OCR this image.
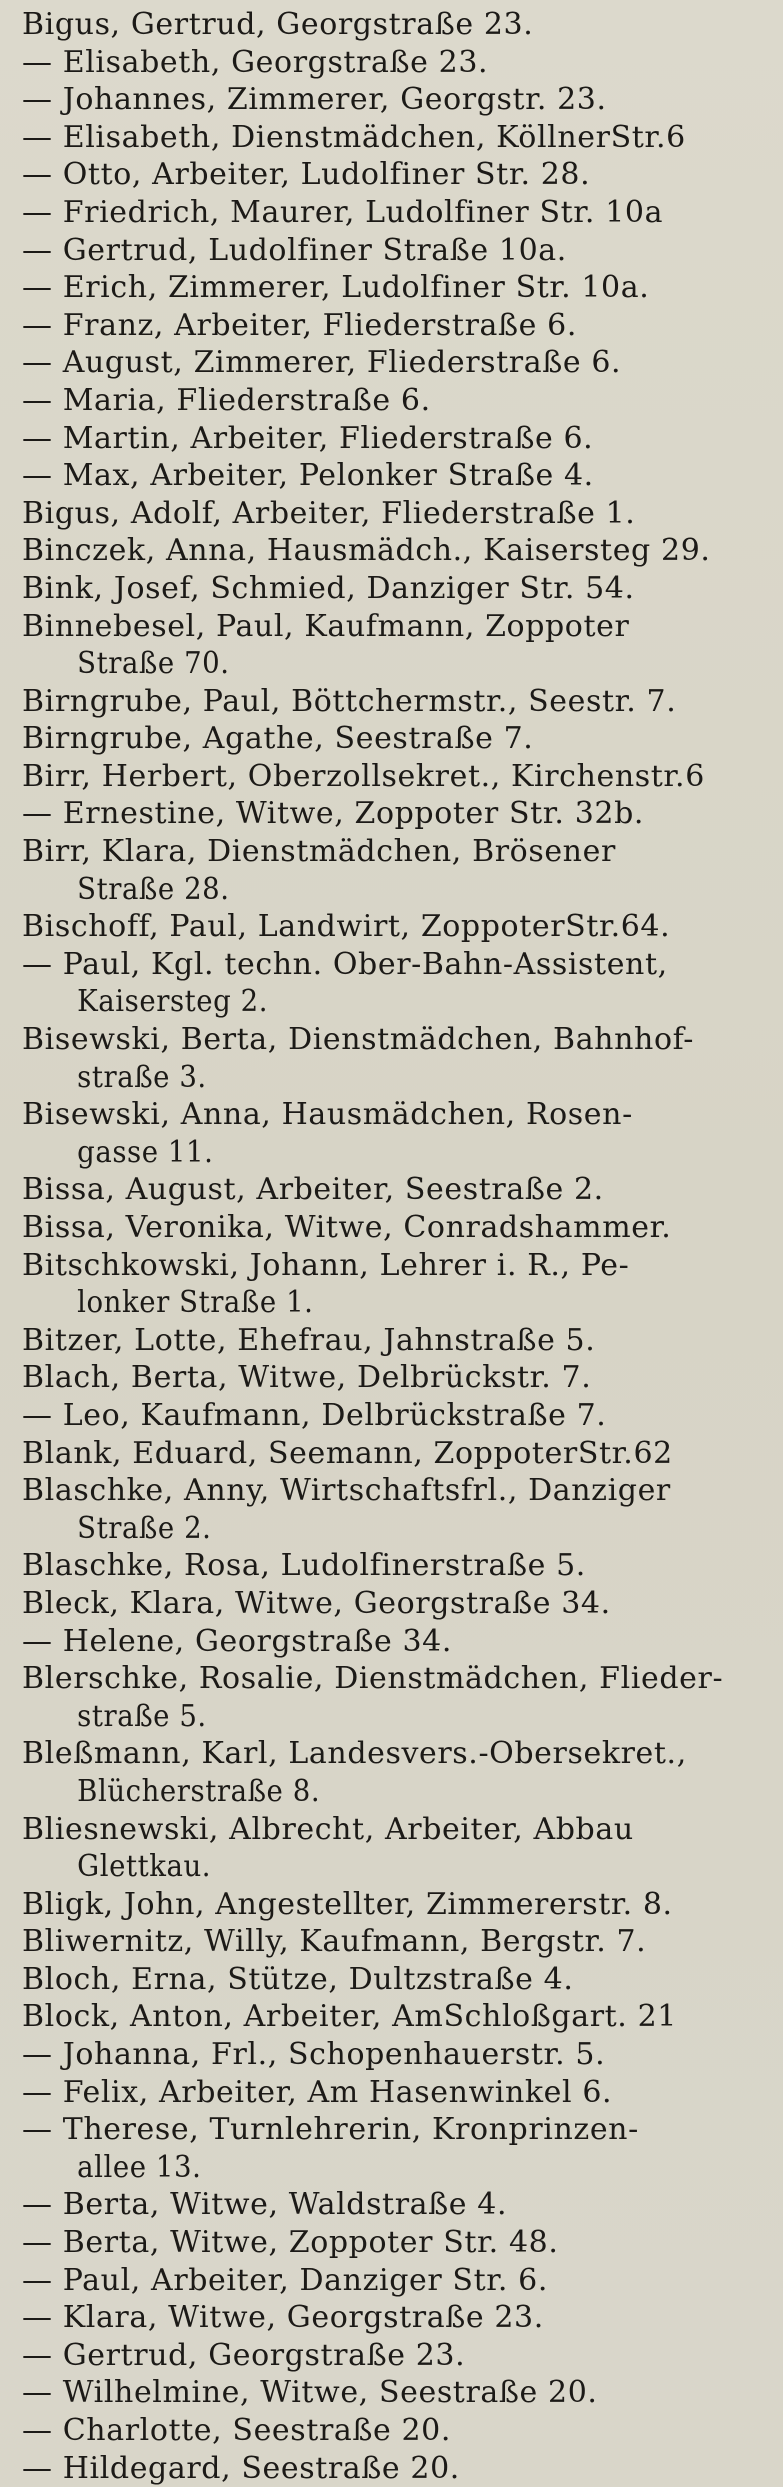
Bigus, Gertrud, Georgstraße 23.
— Elisabeth, Georgstraße 23.
— Johannes, Zimmerer, Georgstr. 23.
— Elisabeth, Dienstmädchen, KöllnerStr.6
— Otto, Arbeiter, Ludolfiner Str. 28.
— Friedrich, Maurer, Ludolfiner Str. 10a
— Gertrud, Ludolfiner Straße 10a.
— Erich, Zimmerer, Ludolfiner Str. 10a.
— Franz, Arbeiter, Fliederstraße 6.
— August, Zimmerer, Fliederstraße 6.
— Maria, Fliederstraße 6.
— Martin, Arbeiter, Fliederstraße 6.
— Max, Arbeiter, Pelonker Straße 4.
Bigus, Adolf, Arbeiter, Fliederstraße 1.
Binczek, Anna, Hausmädch., Kaisersteg 29.
Bink, Josef, Schmied, Danziger Str. 54.
Binnebesel, Paul, Kaufmann, Zoppoter
Straße 70.
Birngrube, Paul, Böttchermstr., Seestr. 7.
Birngrube, Agathe, Seestraße 7.
Birr, Herbert, Oberzollsekret., Kirchenstr.6
— Ernestine, Witwe, Zoppoter Str. 32b.
Birr, Klara, Dienstmädchen, Brösener
Straße 28.
Bischoff, Paul, Landwirt, ZoppoterStr.64.
— Paul, Kgl. techn. Ober-Bahn-Assistent,
Kaisersteg 2.
Bisewski, Berta, Dienstmädchen, Bahnhof-
straße 3.
Bisewski, Anna, Hausmädchen, Rosen-
gasse 11.
Bissa, August, Arbeiter, Seestraße 2.
Bissa, Veronika, Witwe, Conradshammer.
Bitschkowski, Johann, Lehrer i. R., Pe-
lonker Straße 1.
Bitzer, Lotte, Ehefrau, Jahnstraße 5.
Blach, Berta, Witwe, Delbrückstr. 7.
— Leo, Kaufmann, Delbrückstraße 7.
Blank, Eduard, Seemann, ZoppoterStr.62
Blaschke, Anny, Wirtschaftsfrl., Danziger
Straße 2.
Blaschke, Rosa, Ludolfinerstraße 5.
Bleck, Klara, Witwe, Georgstraße 34.
— Helene, Georgstraße 34.
Blerschke, Rosalie, Dienstmädchen, Flieder-
straße 5.
Bleßmann, Karl, Landesvers.-Obersekret.,
Blücherstraße 8.
Bliesnewski, Albrecht, Arbeiter, Abbau
Glettkau.
Bligk, John, Angestellter, Zimmererstr. 8.
Bliwernitz, Willy, Kaufmann, Bergstr. 7.
Bloch, Erna, Stütze, Dultzstraße 4.
Block, Anton, Arbeiter, AmSchloßgart. 21
— Johanna, Frl., Schopenhauerstr. 5.
— Felix, Arbeiter, Am Hasenwinkel 6.
— Therese, Turnlehrerin, Kronprinzen-
allee 13.
— Berta, Witwe, Waldstraße 4.
— Berta, Witwe, Zoppoter Str. 48.
— Paul, Arbeiter, Danziger Str. 6.
— Klara, Witwe, Georgstraße 23.
— Gertrud, Georgstraße 23.
— Wilhelmine, Witwe, Seestraße 20.
— Charlotte, Seestraße 20.
— Hildegard, Seestraße 20.
